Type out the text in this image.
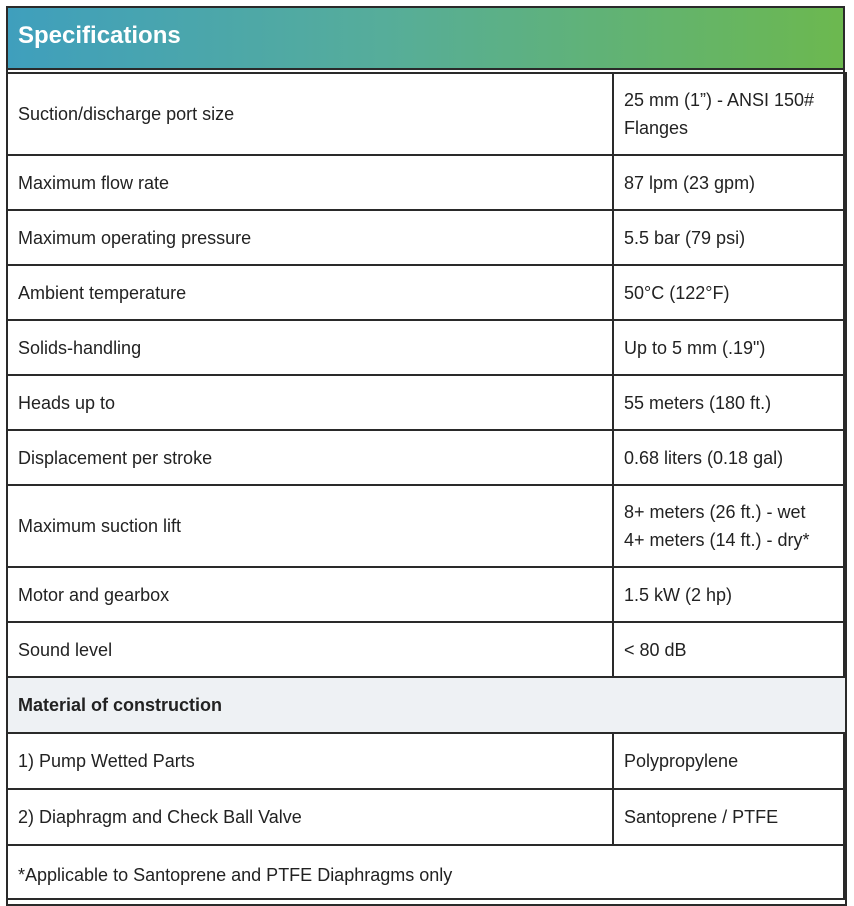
Specifications
Suction/discharge port size	25 mm (1”) - ANSI 150#
Flanges

Maximum flow rate	87 lpm (23 gpm)

Maximum operating pressure	5.5 bar (79 psi)

Ambient temperature	50°C (122°F)

Solids-handling	Up to 5 mm (.19")

Heads up to	55 meters (180 ft.)

Displacement per stroke	0.68 liters (0.18 gal)

Maximum suction lift	8+ meters (26 ft.) - wet
4+ meters (14 ft.) - dry*

Motor and gearbox	1.5 kW (2 hp)

Sound level	< 80 dB

Material of construction	
1) Pump Wetted Parts	Polypropylene
2) Diaphragm and Check Ball Valve	Santoprene / PTFE
*Applicable to Santoprene and PTFE Diaphragms only	
